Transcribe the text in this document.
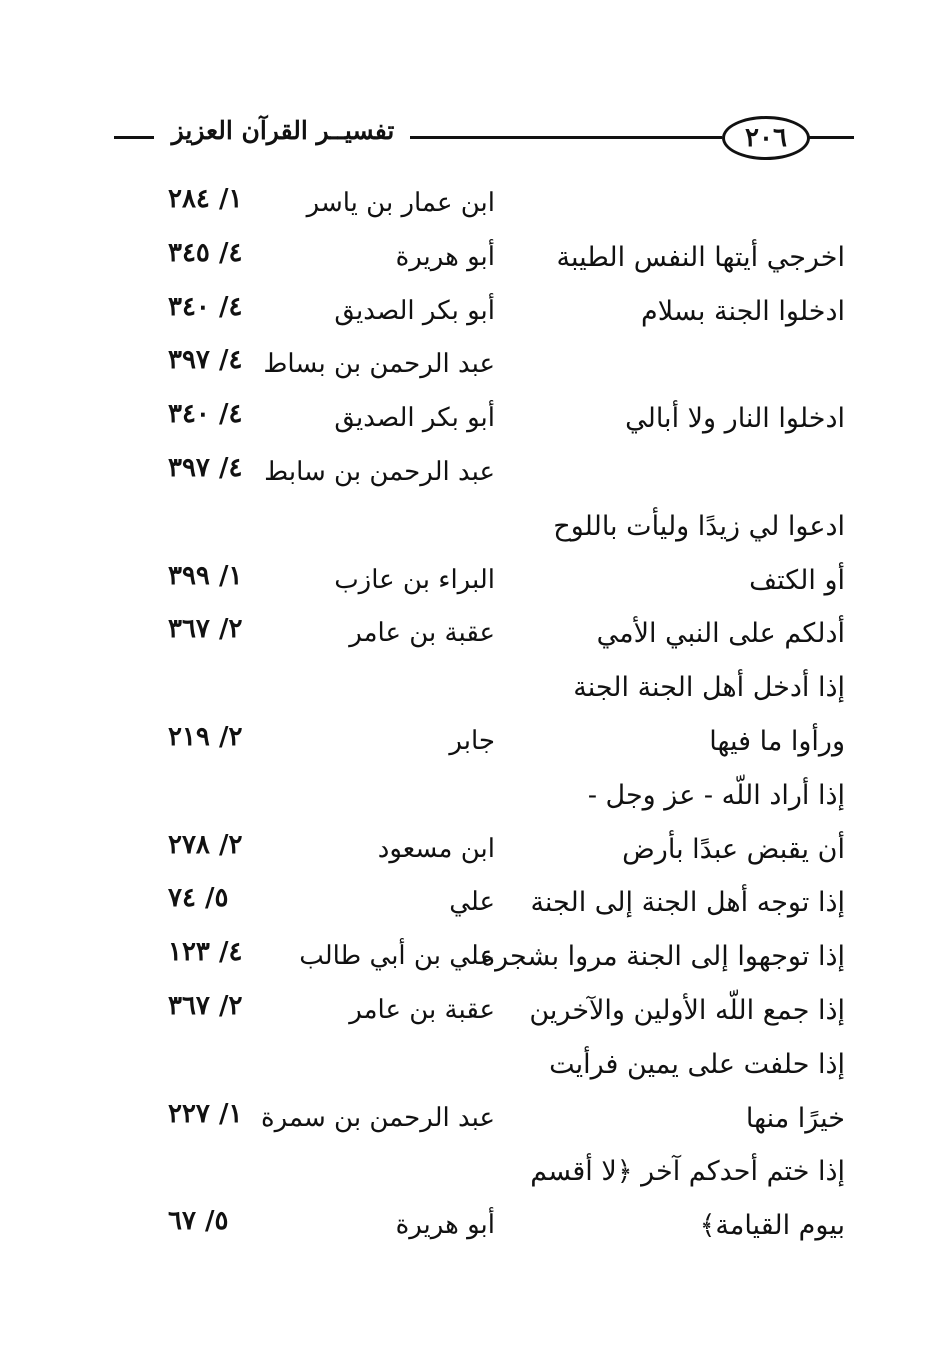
٢٠٦
تفسيــر القرآن العزيز
ابن عمار بن ياسر
١/ ٢٨٤
اخرجي أيتها النفس الطيبة
أبو هريرة
٤/ ٣٤٥
ادخلوا الجنة بسلام
أبو بكر الصديق
٤/ ٣٤٠
عبد الرحمن بن بساط
٤/ ٣٩٧
ادخلوا النار ولا أبالي
أبو بكر الصديق
٤/ ٣٤٠
عبد الرحمن بن سابط
٤/ ٣٩٧
ادعوا لي زيدًا وليأت باللوح
أو الكتف
البراء بن عازب
١/ ٣٩٩
أدلكم على النبي الأمي
عقبة بن عامر
٢/ ٣٦٧
إذا أدخل أهل الجنة الجنة
ورأوا ما فيها
جابر
٢/ ٢١٩
إذا أراد اللّه - عز وجل -
أن يقبض عبدًا بأرض
ابن مسعود
٢/ ٢٧٨
إذا توجه أهل الجنة إلى الجنة
علي
٥/ ٧٤
إذا توجهوا إلى الجنة مروا بشجرة
علي بن أبي طالب
٤/ ١٢٣
إذا جمع اللّه الأولين والآخرين
عقبة بن عامر
٢/ ٣٦٧
إذا حلفت على يمين فرأيت
خيرًا منها
عبد الرحمن بن سمرة
١/ ٢٢٧
إذا ختم أحدكم آخر ﴿لا أقسم
بيوم القيامة﴾
أبو هريرة
٥/ ٦٧
